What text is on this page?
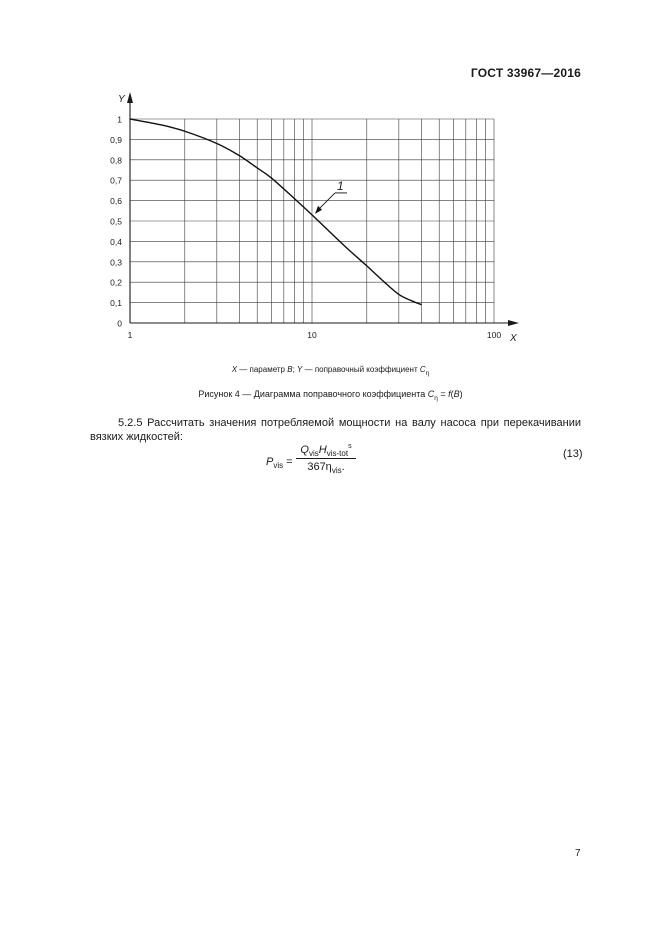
ГОСТ 33967—2016
Y
X
0
0,1
0,2
0,3
0,4
0,5
0,6
0,7
0,8
0,9
1
1	10	100
1
X — параметр B; Y — поправочный коэффициент $C_\eta$
Рисунок 4 — Диаграмма поправочного коэффициента $C_\eta = f(B)$
5.2.5 Рассчитать значения потребляемой мощности на валу насоса при перекачивании вязких жидкостей:
$P_{vis}$ =
$Q_{vis}H_{vis-tot}^s$
$367\eta_{vis}$.
(13)
7
